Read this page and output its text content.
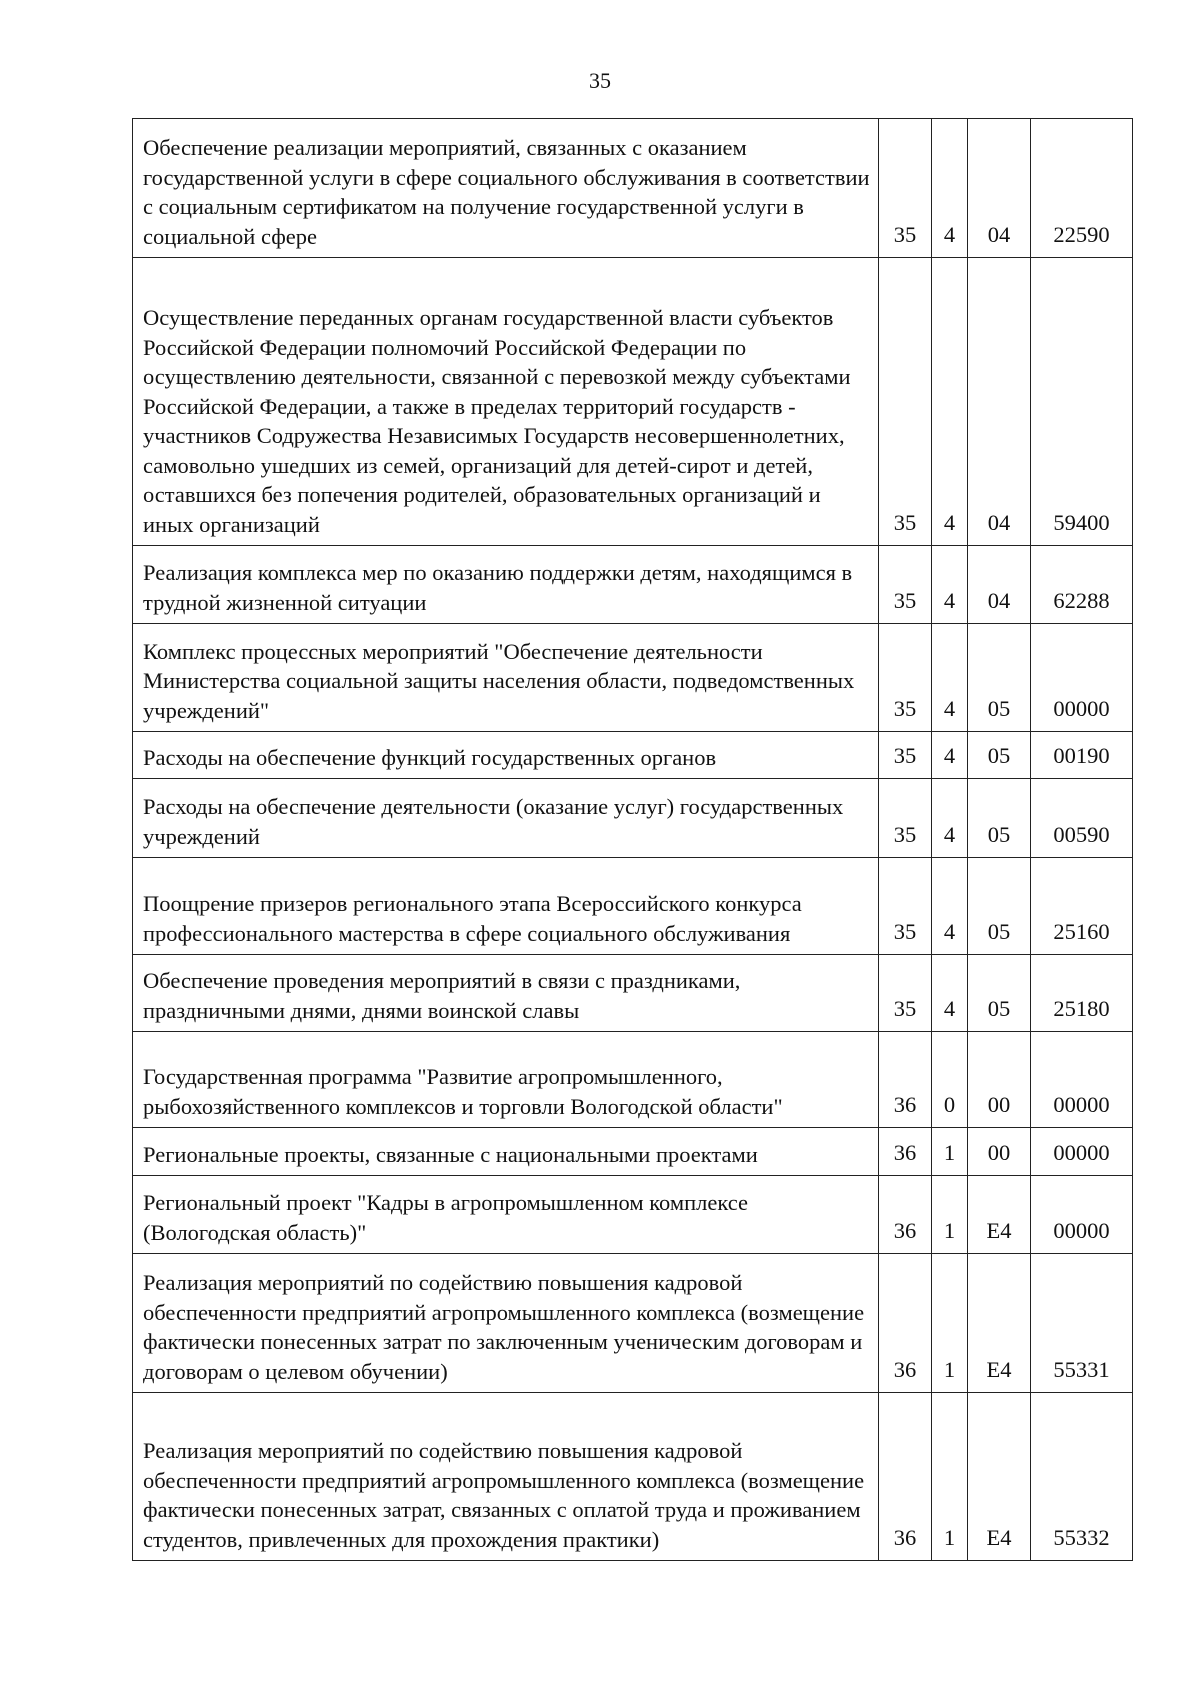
35
Обеспечение реализации мероприятий, связанных с оказанием государственной услуги в сфере социального обслуживания в соответствии с социальным сертификатом на получение государственной услуги в социальной сфере	35	4	04	22590
Осуществление переданных органам государственной власти субъектов Российской Федерации полномочий Российской Федерации по осуществлению деятельности, связанной с перевозкой между субъектами Российской Федерации, а также в пределах территорий государств - участников Содружества Независимых Государств несовершеннолетних, самовольно ушедших из семей, организаций для детей-сирот и детей, оставшихся без попечения родителей, образовательных организаций и иных организаций	35	4	04	59400
Реализация комплекса мер по оказанию поддержки детям, находящимся в трудной жизненной ситуации	35	4	04	62288
Комплекс процессных мероприятий "Обеспечение деятельности Министерства социальной защиты населения области, подведомственных учреждений"	35	4	05	00000
Расходы на обеспечение функций государственных органов	35	4	05	00190
Расходы на обеспечение деятельности (оказание услуг) государственных учреждений	35	4	05	00590
Поощрение призеров регионального этапа Всероссийского конкурса профессионального мастерства в сфере социального обслуживания	35	4	05	25160
Обеспечение проведения мероприятий в связи с праздниками, праздничными днями, днями воинской славы	35	4	05	25180
Государственная программа "Развитие агропромышленного, рыбохозяйственного комплексов и торговли Вологодской области"	36	0	00	00000
Региональные проекты, связанные с национальными проектами	36	1	00	00000
Региональный проект "Кадры в агропромышленном комплексе (Вологодская область)"	36	1	Е4	00000
Реализация мероприятий по содействию повышения кадровой обеспеченности предприятий агропромышленного комплекса (возмещение фактически понесенных затрат по заключенным ученическим договорам и договорам о целевом обучении)	36	1	Е4	55331
Реализация мероприятий по содействию повышения кадровой обеспеченности предприятий агропромышленного комплекса (возмещение фактически понесенных затрат, связанных с оплатой труда и проживанием студентов, привлеченных для прохождения практики)	36	1	Е4	55332
